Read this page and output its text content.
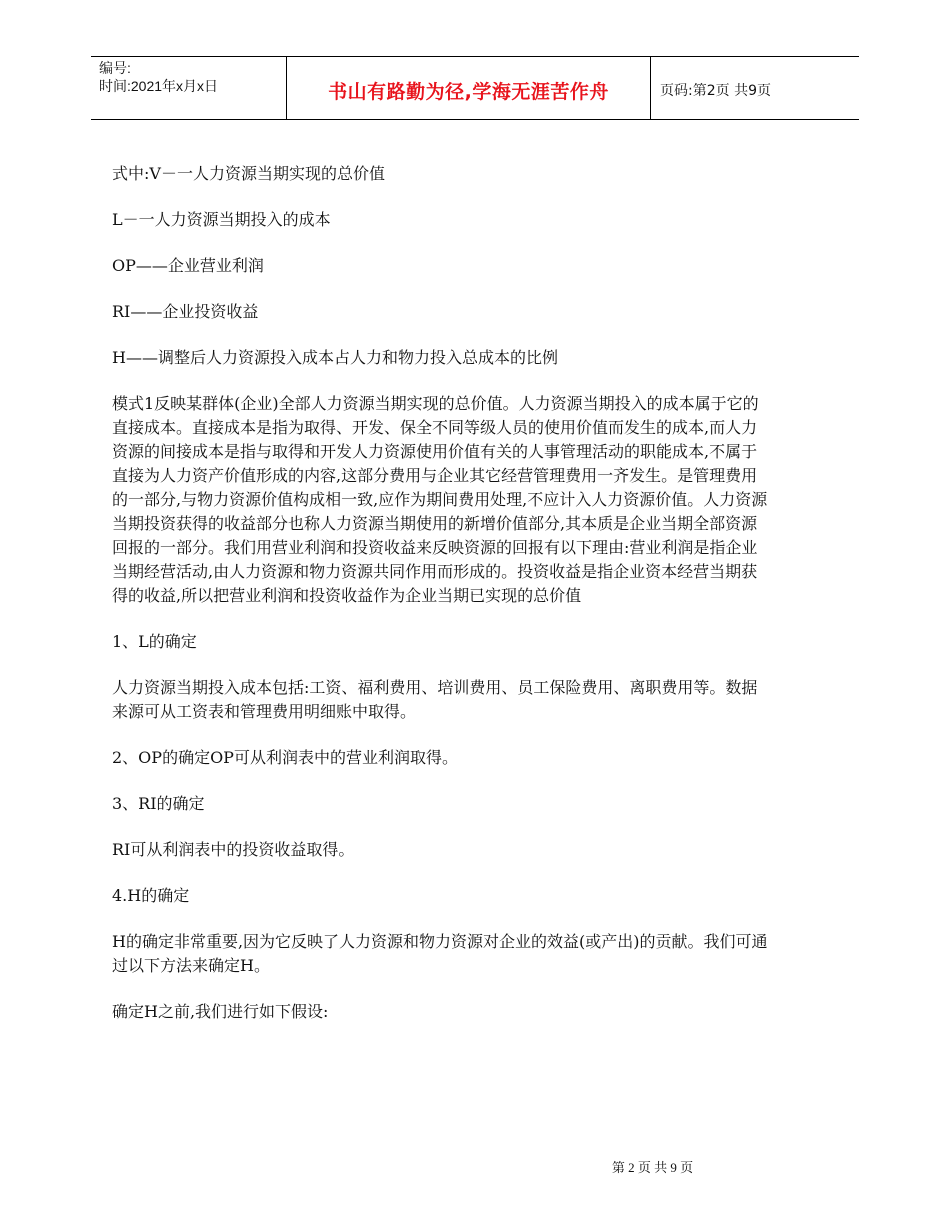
编号:
时间:2021年x月x日	书山有路勤为径,学海无涯苦作舟	页码:第2页 共9页

式中:V－一人力资源当期实现的总价值

L－一人力资源当期投入的成本

OP——企业营业利润

RI——企业投资收益

H——调整后人力资源投入成本占人力和物力投入总成本的比例

模式1反映某群体(企业)全部人力资源当期实现的总价值。人力资源当期投入的成本属于它的直接成本。直接成本是指为取得、开发、保全不同等级人员的使用价值而发生的成本,而人力资源的间接成本是指与取得和开发人力资源使用价值有关的人事管理活动的职能成本,不属于直接为人力资产价值形成的内容,这部分费用与企业其它经营管理费用一齐发生。是管理费用的一部分,与物力资源价值构成相一致,应作为期间费用处理,不应计入人力资源价值。人力资源当期投资获得的收益部分也称人力资源当期使用的新增价值部分,其本质是企业当期全部资源回报的一部分。我们用营业利润和投资收益来反映资源的回报有以下理由:营业利润是指企业当期经营活动,由人力资源和物力资源共同作用而形成的。投资收益是指企业资本经营当期获得的收益,所以把营业利润和投资收益作为企业当期已实现的总价值

1、L的确定

人力资源当期投入成本包括:工资、福利费用、培训费用、员工保险费用、离职费用等。数据来源可从工资表和管理费用明细账中取得。

2、OP的确定OP可从利润表中的营业利润取得。

3、RI的确定

RI可从利润表中的投资收益取得。

4.H的确定

H的确定非常重要,因为它反映了人力资源和物力资源对企业的效益(或产出)的贡献。我们可通过以下方法来确定H。

确定H之前,我们进行如下假设:

第 2 页 共 9 页
